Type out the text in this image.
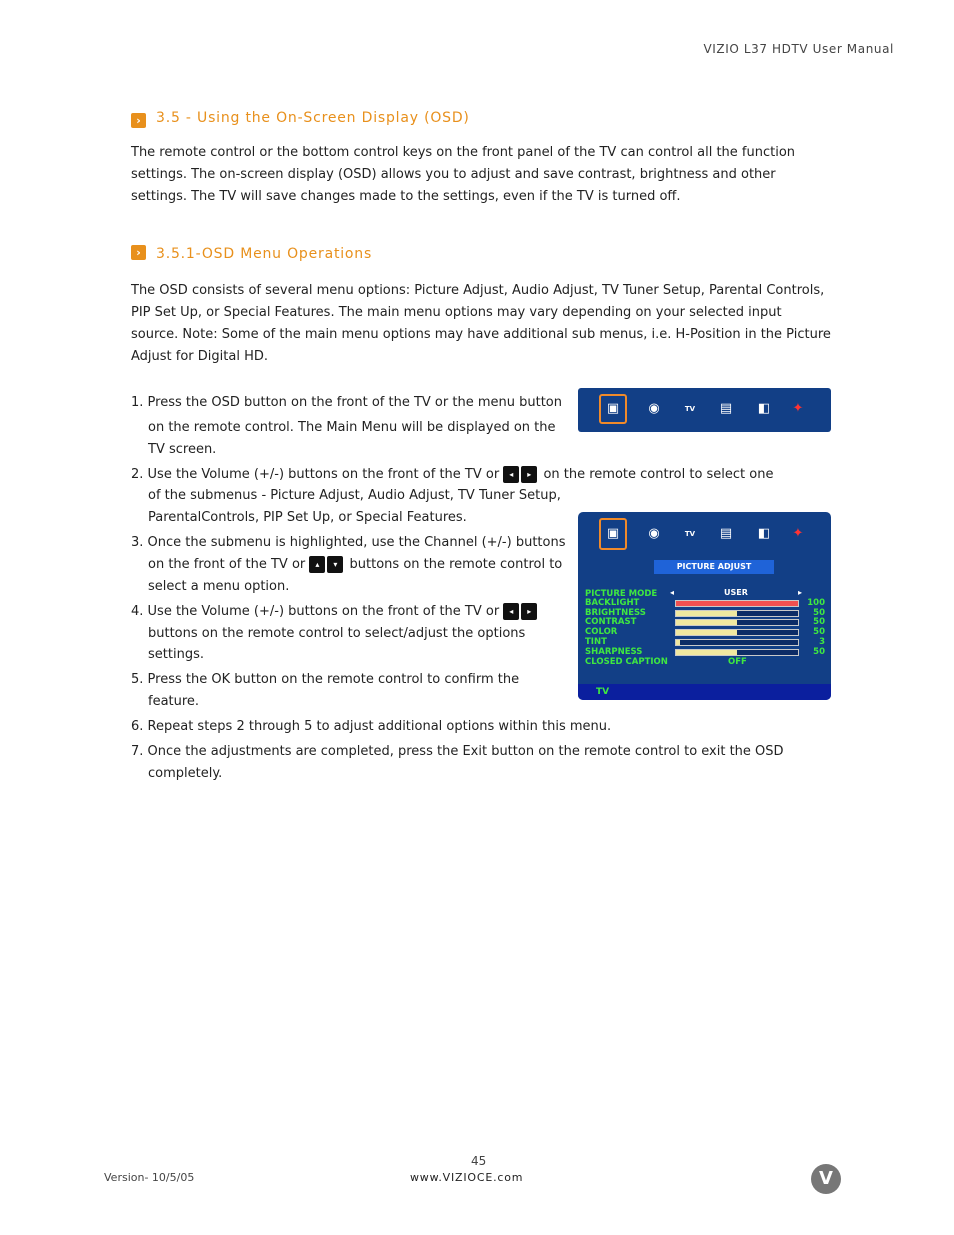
VIZIO L37 HDTV User Manual
›	3.5 - Using the On-Screen Display (OSD)
The remote control or the bottom control keys on the front panel of the TV can control all the function settings. The on-screen display (OSD) allows you to adjust and save contrast, brightness and other settings. The TV will save changes made to the settings, even if the TV is turned off.
›	3.5.1-OSD Menu Operations
The OSD consists of several menu options: Picture Adjust, Audio Adjust, TV Tuner Setup, Parental Controls, PIP Set Up, or Special Features. The main menu options may vary depending on your selected input source. Note: Some of the main menu options may have additional sub menus, i.e. H-Position in the Picture Adjust for Digital HD.
▣ ◉	TV	▤ ◧ ✦
1. Press the OSD button on the front of the TV or the menu button
on the remote control. The Main Menu will be displayed on the
TV screen.
2. Use the Volume (+/-) buttons on the front of the TV or ◂ ▸ on the remote control to select one
of the submenus - Picture Adjust, Audio Adjust, TV Tuner Setup,
ParentalControls, PIP Set Up, or Special Features.
3. Once the submenu is highlighted, use the Channel (+/-) buttons
on the front of the TV or ▴ ▾ buttons on the remote control to
select a menu option.
4. Use the Volume (+/-) buttons on the front of the TV or ◂ ▸
buttons on the remote control to select/adjust the options
settings.
5. Press the OK button on the remote control to confirm the
feature.
6. Repeat steps 2 through 5 to adjust additional options within this menu.
7. Once the adjustments are completed, press the Exit button on the remote control to exit the OSD
completely.
▣ ◉	TV	▤ ◧ ✦
PICTURE ADJUST
PICTURE MODE ◂	USER	▸
BACKLIGHT	100
BRIGHTNESS	50
CONTRAST	50
COLOR	50
TINT	3
SHARPNESS	50
CLOSED CAPTION	OFF
TV
45
Version- 10/5/05	www.VIZIOCE.com	V
